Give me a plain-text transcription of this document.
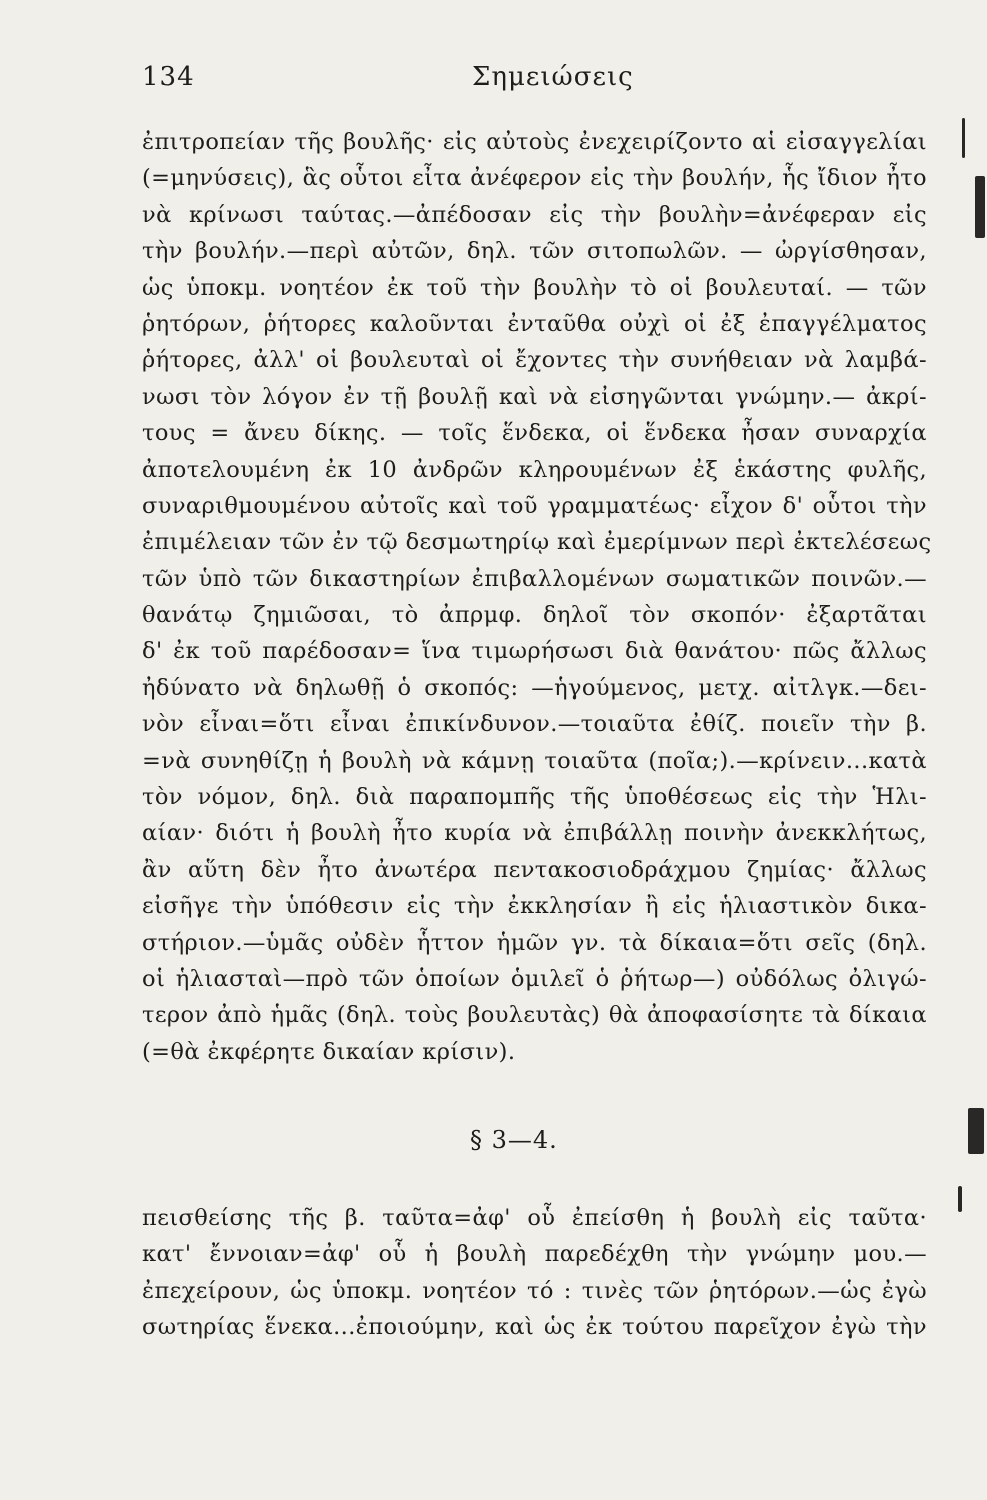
134	Σημειώσεις
ἐπιτροπείαν τῆς βουλῆς· εἰς αὐτοὺς ἐνεχειρίζοντο αἱ εἰσαγγελίαι
(=μηνύσεις), ἃς οὗτοι εἶτα ἀνέφερον εἰς τὴν βουλήν, ἧς ἴδιον ἦτο
νὰ κρίνωσι ταύτας.—ἀπέδοσαν εἰς τὴν βουλὴν=ἀνέφεραν εἰς
τὴν βουλήν.—περὶ αὐτῶν, δηλ. τῶν σιτοπωλῶν. — ὠργίσθησαν,
ὡς ὑποκμ. νοητέον ἐκ τοῦ τὴν βουλὴν τὸ οἱ βουλευταί. — τῶν
ῥητόρων, ῥήτορες καλοῦνται ἐνταῦθα οὐχὶ οἱ ἐξ ἐπαγγέλματος
ῥήτορες, ἀλλ' οἱ βουλευταὶ οἱ ἔχοντες τὴν συνήθειαν νὰ λαμβά-
νωσι τὸν λόγον ἐν τῇ βουλῇ καὶ νὰ εἰσηγῶνται γνώμην.— ἀκρί-
τους = ἄνευ δίκης. — τοῖς ἕνδεκα, οἱ ἕνδεκα ἦσαν συναρχία
ἀποτελουμένη ἐκ 10 ἀνδρῶν κληρουμένων ἐξ ἑκάστης φυλῆς,
συναριθμουμένου αὐτοῖς καὶ τοῦ γραμματέως· εἶχον δ' οὗτοι τὴν
ἐπιμέλειαν τῶν ἐν τῷ δεσμωτηρίῳ καὶ ἐμερίμνων περὶ ἐκτελέσεως
τῶν ὑπὸ τῶν δικαστηρίων ἐπιβαλλομένων σωματικῶν ποινῶν.—
θανάτῳ ζημιῶσαι, τὸ ἀπρμφ. δηλοῖ τὸν σκοπόν· ἐξαρτᾶται
δ' ἐκ τοῦ παρέδοσαν= ἵνα τιμωρήσωσι διὰ θανάτου· πῶς ἄλλως
ἠδύνατο νὰ δηλωθῇ ὁ σκοπός: —ἡγούμενος, μετχ. αἰτλγκ.—δει-
νὸν εἶναι=ὅτι εἶναι ἐπικίνδυνον.—τοιαῦτα ἐθίζ. ποιεῖν τὴν β.
=νὰ συνηθίζῃ ἡ βουλὴ νὰ κάμνῃ τοιαῦτα (ποῖα;).—κρίνειν...κατὰ
τὸν νόμον, δηλ. διὰ παραπομπῆς τῆς ὑποθέσεως εἰς τὴν Ἡλι-
αίαν· διότι ἡ βουλὴ ἦτο κυρία νὰ ἐπιβάλλῃ ποινὴν ἀνεκκλήτως,
ἂν αὕτη δὲν ἦτο ἀνωτέρα πεντακοσιοδράχμου ζημίας· ἄλλως
εἰσῆγε τὴν ὑπόθεσιν εἰς τὴν ἐκκλησίαν ἢ εἰς ἡλιαστικὸν δικα-
στήριον.—ὑμᾶς οὐδὲν ἧττον ἡμῶν γν. τὰ δίκαια=ὅτι σεῖς (δηλ.
οἱ ἡλιασταὶ—πρὸ τῶν ὁποίων ὁμιλεῖ ὁ ῥήτωρ—) οὐδόλως ὀλιγώ-
τερον ἀπὸ ἡμᾶς (δηλ. τοὺς βουλευτὰς) θὰ ἀποφασίσητε τὰ δίκαια
(=θὰ ἐκφέρητε δικαίαν κρίσιν).
§ 3—4.
πεισθείσης τῆς β. ταῦτα=ἀφ' οὗ ἐπείσθη ἡ βουλὴ εἰς ταῦτα·
κατ' ἔννοιαν=ἀφ' οὗ ἡ βουλὴ παρεδέχθη τὴν γνώμην μου.—
ἐπεχείρουν, ὡς ὑποκμ. νοητέον τό : τινὲς τῶν ῥητόρων.—ὡς ἐγὼ
σωτηρίας ἕνεκα...ἐποιούμην, καὶ ὡς ἐκ τούτου παρεῖχον ἐγὼ τὴν
